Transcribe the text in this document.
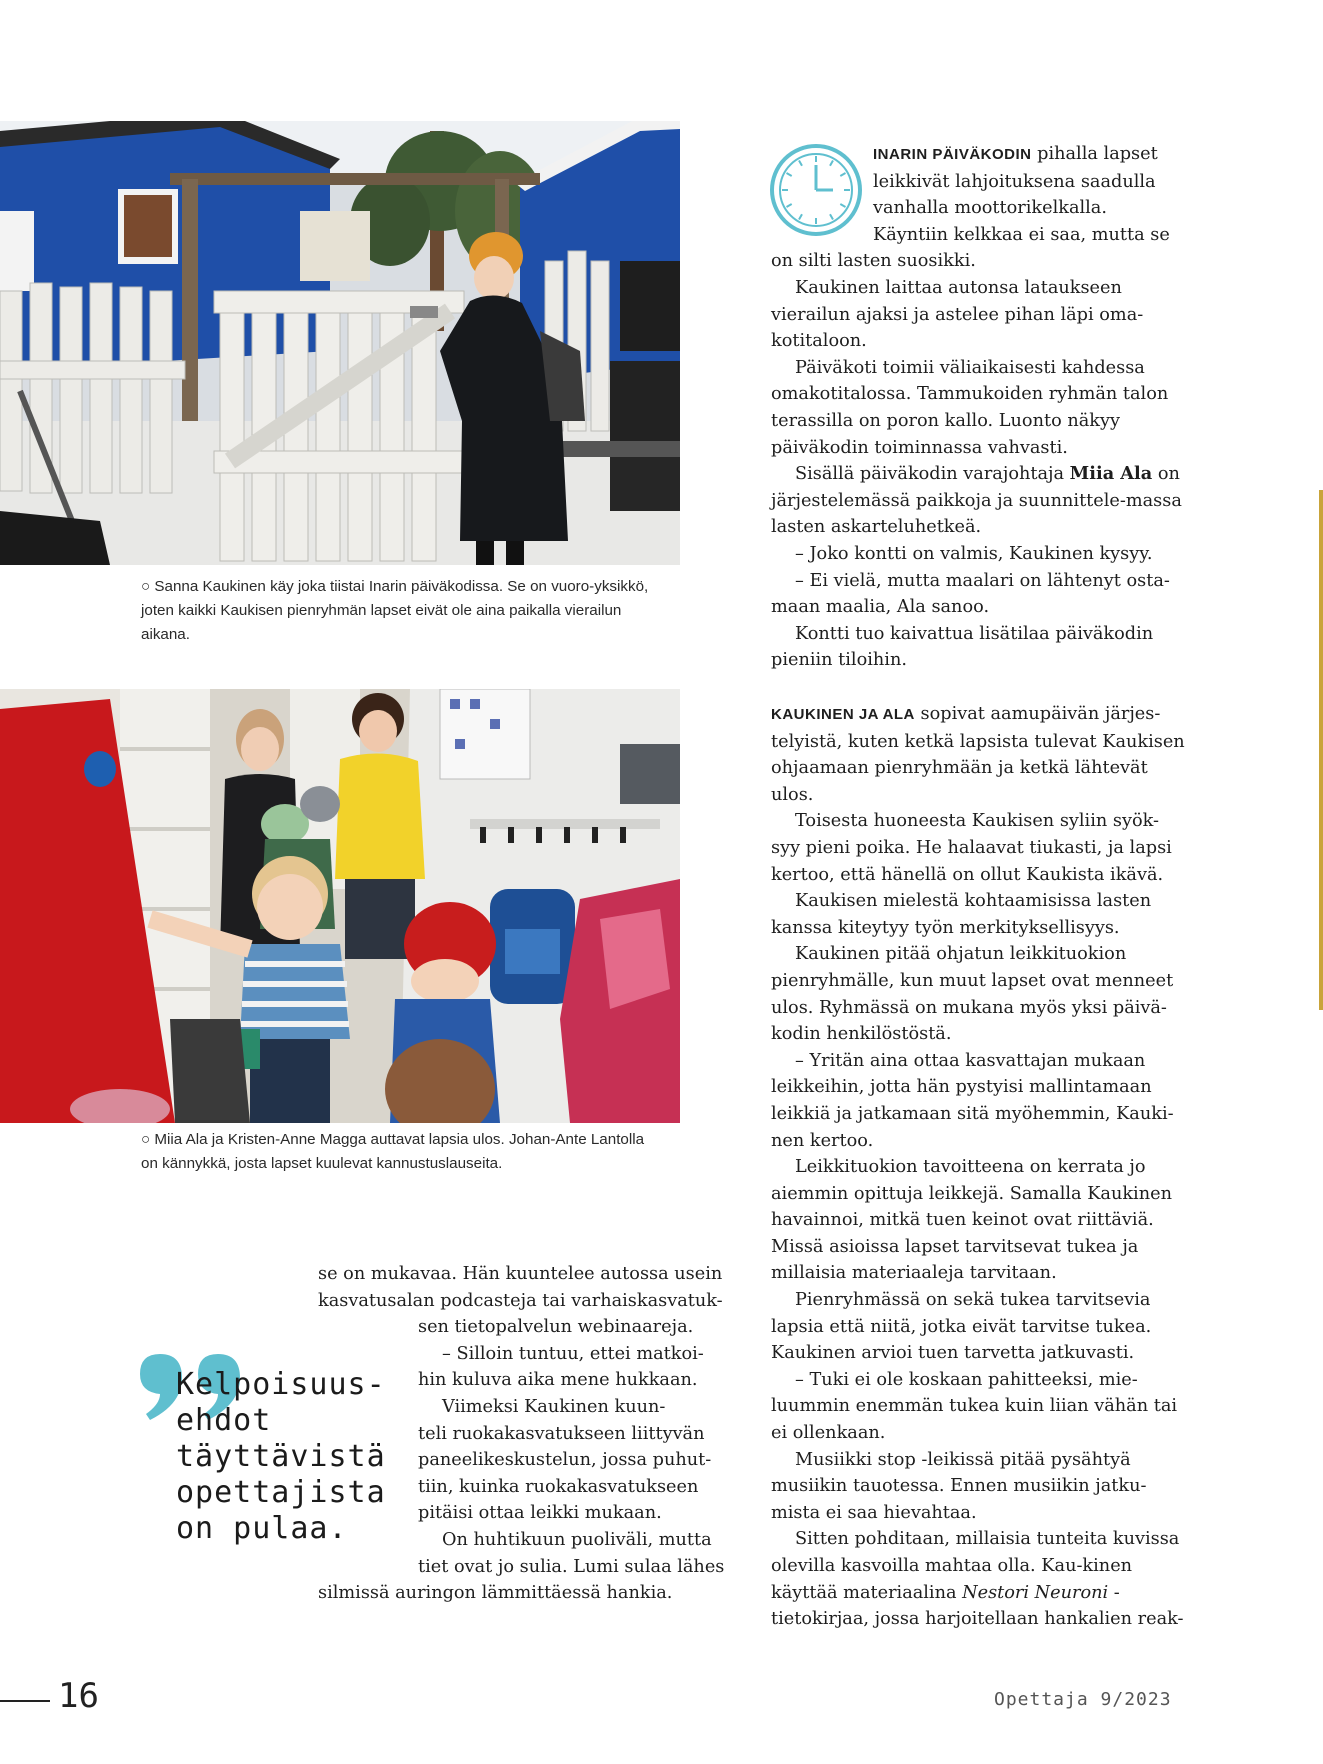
○ Sanna Kaukinen käy joka tiistai Inarin päiväkodissa. Se on vuoro-yksikkö, joten kaikki Kaukisen pienryhmän lapset eivät ole aina paikalla vierailun aikana.

○ Miia Ala ja Kristen-Anne Magga auttavat lapsia ulos. Johan-Ante Lantolla on kännykkä, josta lapset kuulevat kannustuslauseita.

INARIN PÄIVÄKODIN pihalla lapset
leikkivät lahjoituksena saadulla
vanhalla moottorikelkalla.
Käyntiin kelkkaa ei saa, mutta se

on silti lasten suosikki.

Kaukinen laittaa autonsa lataukseen vierailun ajaksi ja astelee pihan läpi oma-kotitaloon.

Päiväkoti toimii väliaikaisesti kahdessa omakotitalossa. Tammukoiden ryhmän talon terassilla on poron kallo. Luonto näkyy päiväkodin toiminnassa vahvasti.

Sisällä päiväkodin varajohtaja Miia Ala on järjestelemässä paikkoja ja suunnittele-massa lasten askarteluhetkeä.

– Joko kontti on valmis, Kaukinen kysyy.

– Ei vielä, mutta maalari on lähtenyt osta-maan maalia, Ala sanoo.

Kontti tuo kaivattua lisätilaa päiväkodin pieniin tiloihin.

KAUKINEN JA ALA sopivat aamupäivän järjes-telyistä, kuten ketkä lapsista tulevat Kaukisen ohjaamaan pienryhmään ja ketkä lähtevät ulos.

Toisesta huoneesta Kaukisen syliin syök-syy pieni poika. He halaavat tiukasti, ja lapsi kertoo, että hänellä on ollut Kaukista ikävä.

Kaukisen mielestä kohtaamisissa lasten kanssa kiteytyy työn merkityksellisyys.

Kaukinen pitää ohjatun leikkituokion pienryhmälle, kun muut lapset ovat menneet ulos. Ryhmässä on mukana myös yksi päivä-kodin henkilöstöstä.

– Yritän aina ottaa kasvattajan mukaan leikkeihin, jotta hän pystyisi mallintamaan leikkiä ja jatkamaan sitä myöhemmin, Kauki-nen kertoo.

Leikkituokion tavoitteena on kerrata jo aiemmin opittuja leikkejä. Samalla Kaukinen havainnoi, mitkä tuen keinot ovat riittäviä. Missä asioissa lapset tarvitsevat tukea ja millaisia materiaaleja tarvitaan.

Pienryhmässä on sekä tukea tarvitsevia lapsia että niitä, jotka eivät tarvitse tukea. Kaukinen arvioi tuen tarvetta jatkuvasti.

– Tuki ei ole koskaan pahitteeksi, mie-luummin enemmän tukea kuin liian vähän tai ei ollenkaan.

Musiikki stop -leikissä pitää pysähtyä musiikin tauotessa. Ennen musiikin jatku-mista ei saa hievahtaa.

Sitten pohditaan, millaisia tunteita kuvissa olevilla kasvoilla mahtaa olla. Kau-kinen käyttää materiaalina Nestori Neuroni -tietokirjaa, jossa harjoitellaan hankalien reak-

se on mukavaa. Hän kuuntelee autossa usein
kasvatusalan podcasteja tai varhaiskasvatuk-
sen tietopalvelun webinaareja.
– Silloin tuntuu, ettei matkoi-
hin kuluva aika mene hukkaan.
Viimeksi Kaukinen kuun-
teli ruokakasvatukseen liittyvän
paneelikeskustelun, jossa puhut-
tiin, kuinka ruokakasvatukseen
pitäisi ottaa leikki mukaan.
On huhtikuun puoliväli, mutta
tiet ovat jo sulia. Lumi sulaa lähes
silmissä auringon lämmittäessä hankia.
Kelpoisuus-
ehdot
täyttävistä
opettajista
on pulaa.
16	Opettaja 9/2023
